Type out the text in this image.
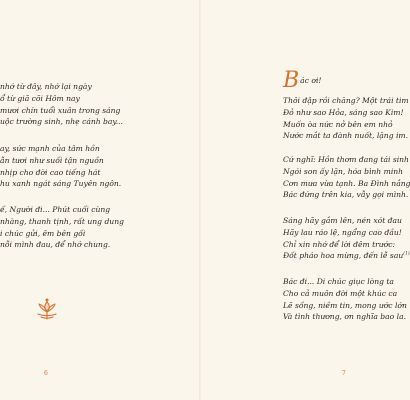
nhớ từ đây, nhớ lại ngày
ổ từ giã cõi Hôm nay
mươi chín tuổi xuân trong sáng
uộc trường sinh, nhẹ cánh bay...
ay, sức mạnh của tâm hồn
ẫn tươi như suối tận nguồn
nhịp cho đời cao tiếng hát
hu xanh ngát sáng Tuyên ngôn.
ế, Người đi... Phút cuối cùng
nhàng, thanh tịnh, rất ung dung
i chúc gửi, êm bên gối
nỗi mình đau, để nhớ chung.
6
Bác ơi!
Thôi đập rồi chăng? Một trái tim
Đỏ như sao Hỏa, sáng sao Kim!
Muốn òa nức nở bên em nhỏ
Nước mắt ta đành nuốt, lặng im.
Cứ nghĩ: Hồn thơm đang tái sinh
Ngói son ấy lặn, hóa bình minh
Cơn mưa vừa tạnh. Ba Đình nắng
Bác đứng trên kia, vẫy gọi mình.
Sáng hãy gắm lên, nén xót đau
Hãy lau ráo lệ, ngẩng cao đầu!
Chỉ xin nhớ để lời đêm trước:
Đốt pháo hoa mừng, đến lễ sau$^{(1)}$
Bác đi... Di chúc giục lòng ta
Cho cả muôn đời một khúc ca
Lẽ sống, niềm tin, mong ước lớn
Và tình thương, ơn nghĩa bao la.
7
